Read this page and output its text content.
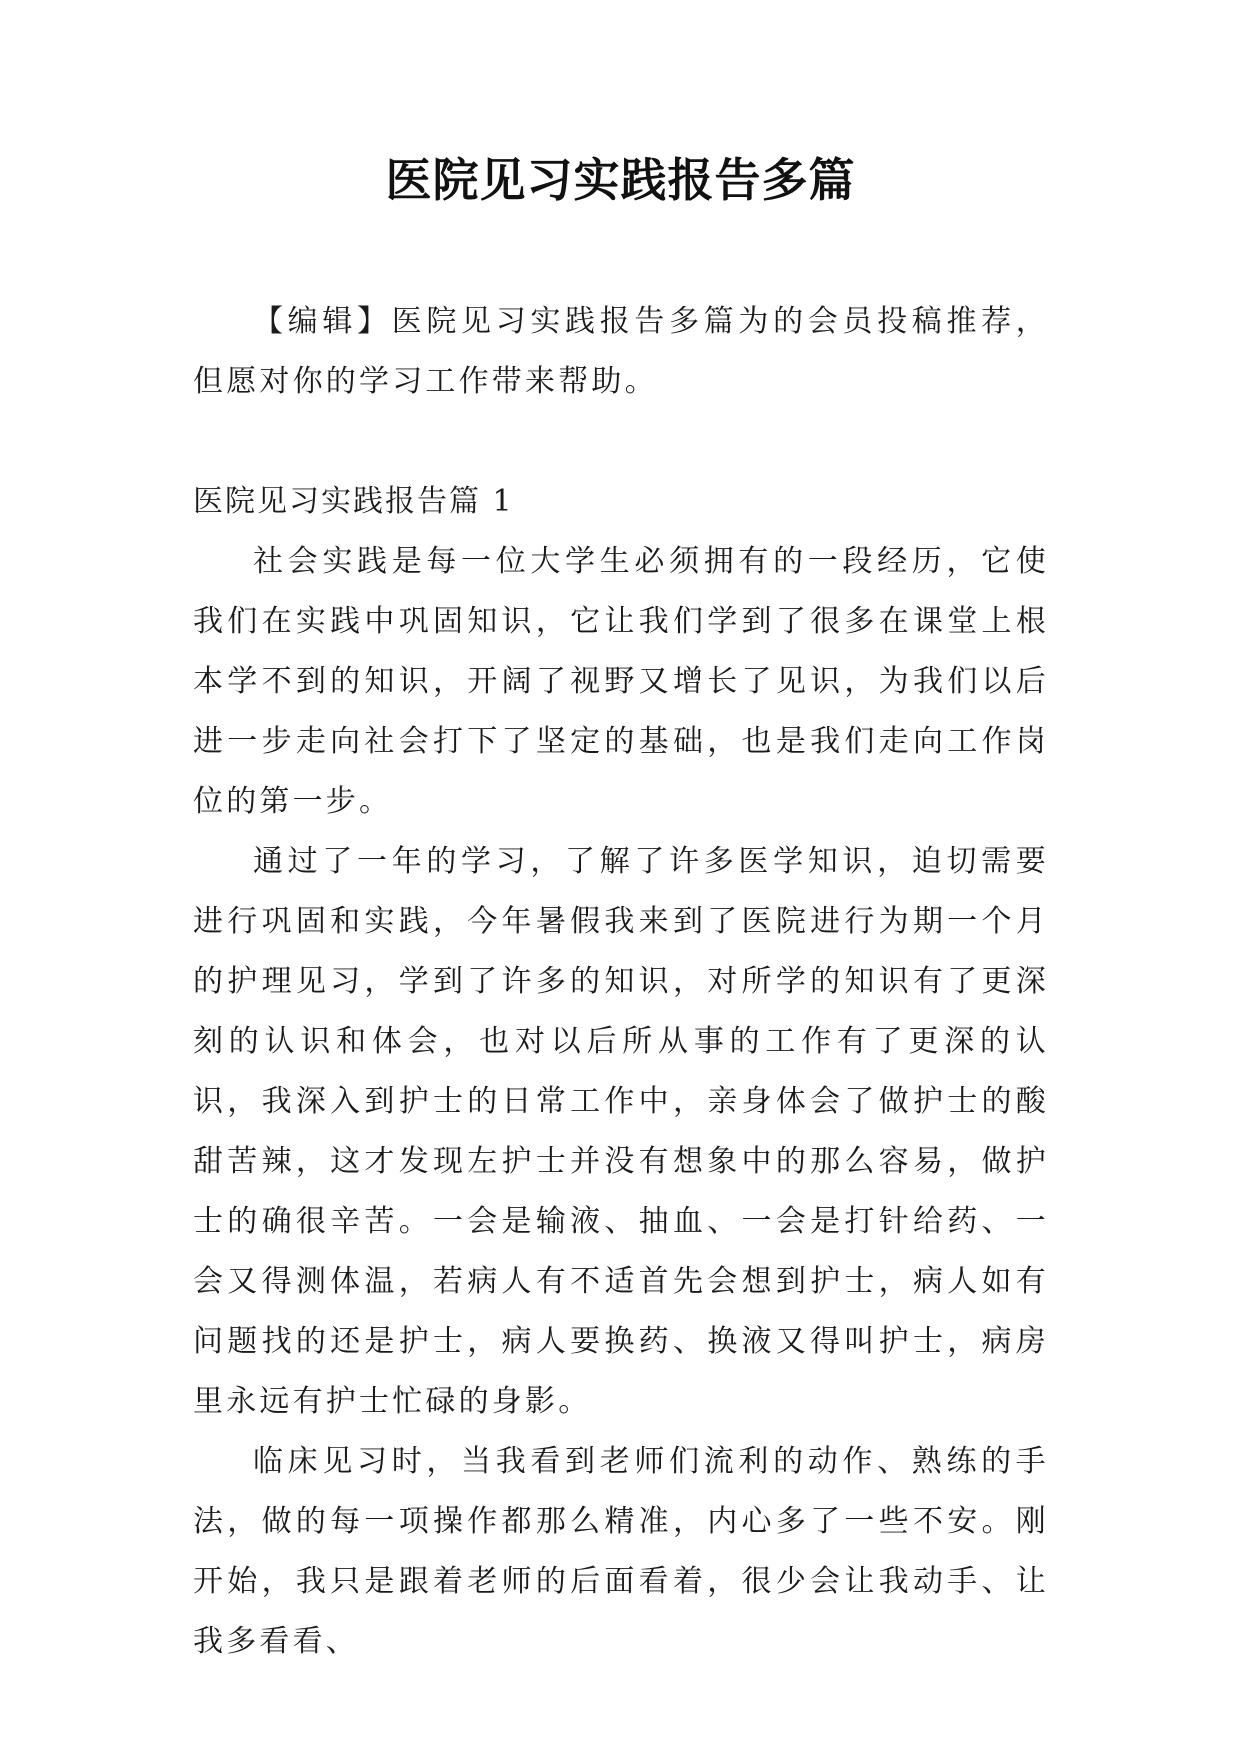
医院见习实践报告多篇

【编辑】医院见习实践报告多篇为的会员投稿推荐，但愿对你的学习工作带来帮助。

医院见习实践报告篇 1

社会实践是每一位大学生必须拥有的一段经历，它使我们在实践中巩固知识，它让我们学到了很多在课堂上根本学不到的知识，开阔了视野又增长了见识，为我们以后进一步走向社会打下了坚定的基础，也是我们走向工作岗位的第一步。

通过了一年的学习，了解了许多医学知识，迫切需要进行巩固和实践，今年暑假我来到了医院进行为期一个月的护理见习，学到了许多的知识，对所学的知识有了更深刻的认识和体会，也对以后所从事的工作有了更深的认识，我深入到护士的日常工作中，亲身体会了做护士的酸甜苦辣，这才发现左护士并没有想象中的那么容易，做护士的确很辛苦。一会是输液、抽血、一会是打针给药、一会又得测体温，若病人有不适首先会想到护士，病人如有问题找的还是护士，病人要换药、换液又得叫护士，病房里永远有护士忙碌的身影。

临床见习时，当我看到老师们流利的动作、熟练的手法，做的每一项操作都那么精准，内心多了一些不安。刚开始，我只是跟着老师的后面看着，很少会让我动手、让我多看看、
